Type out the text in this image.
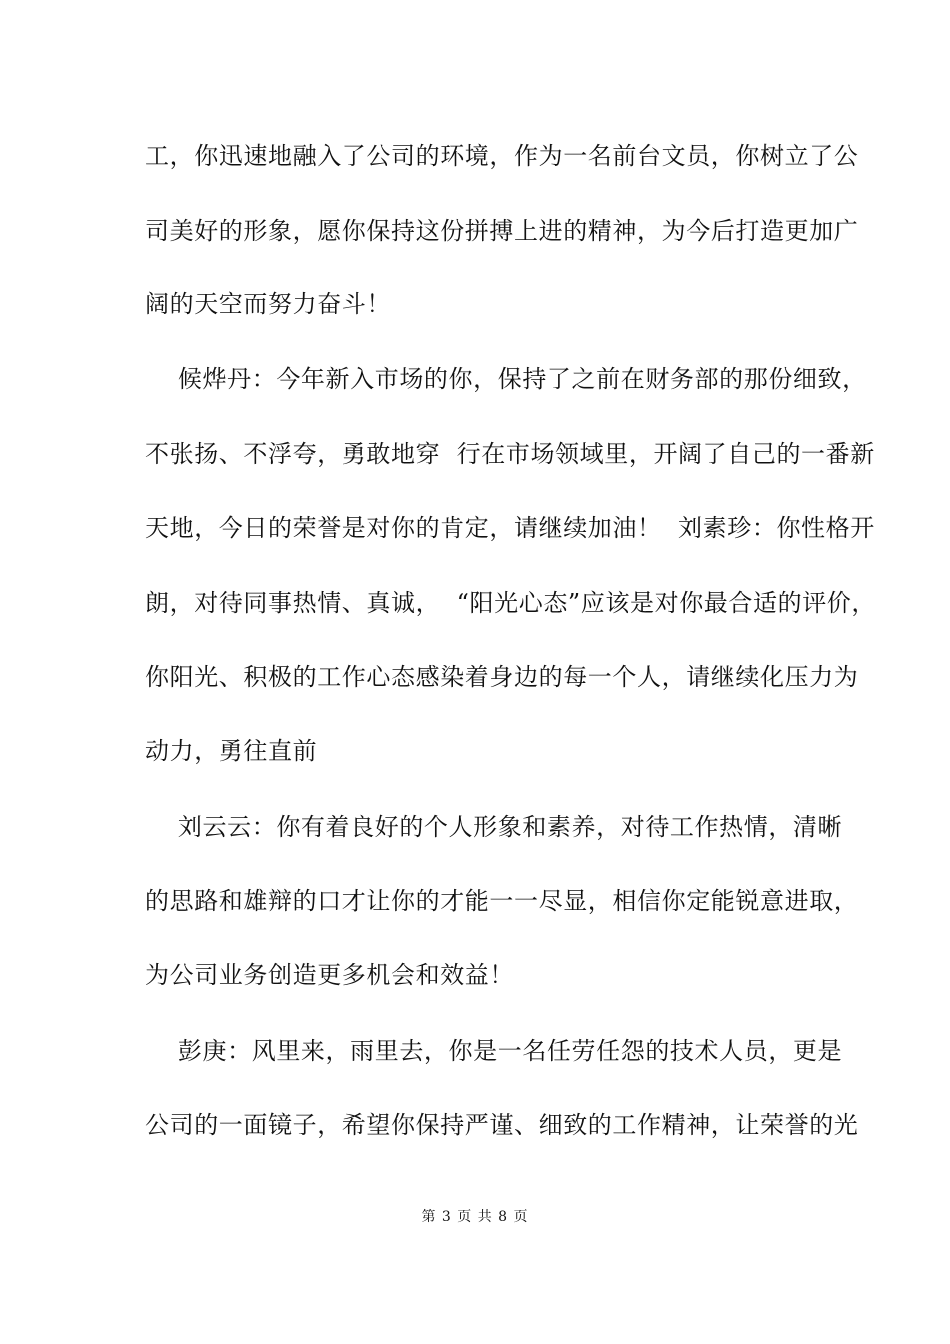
工，你迅速地融入了公司的环境，作为一名前台文员，你树立了公

司美好的形象，愿你保持这份拼搏上进的精神，为今后打造更加广

阔的天空而努力奋斗！

候烨丹：今年新入市场的你，保持了之前在财务部的那份细致，

不张扬、不浮夸，勇敢地穿  行在市场领域里，开阔了自己的一番新

天地，今日的荣誉是对你的肯定，请继续加油！  刘素珍：你性格开

朗，对待同事热情、真诚，  “阳光心态”应该是对你最合适的评价，

你阳光、积极的工作心态感染着身边的每一个人，请继续化压力为

动力，勇往直前

刘云云：你有着良好的个人形象和素养，对待工作热情，清晰

的思路和雄辩的口才让你的才能一一尽显，相信你定能锐意进取，

为公司业务创造更多机会和效益！

彭庚：风里来，雨里去，你是一名任劳任怨的技术人员，更是

公司的一面镜子，希望你保持严谨、细致的工作精神，让荣誉的光

第 3 页 共 8 页
